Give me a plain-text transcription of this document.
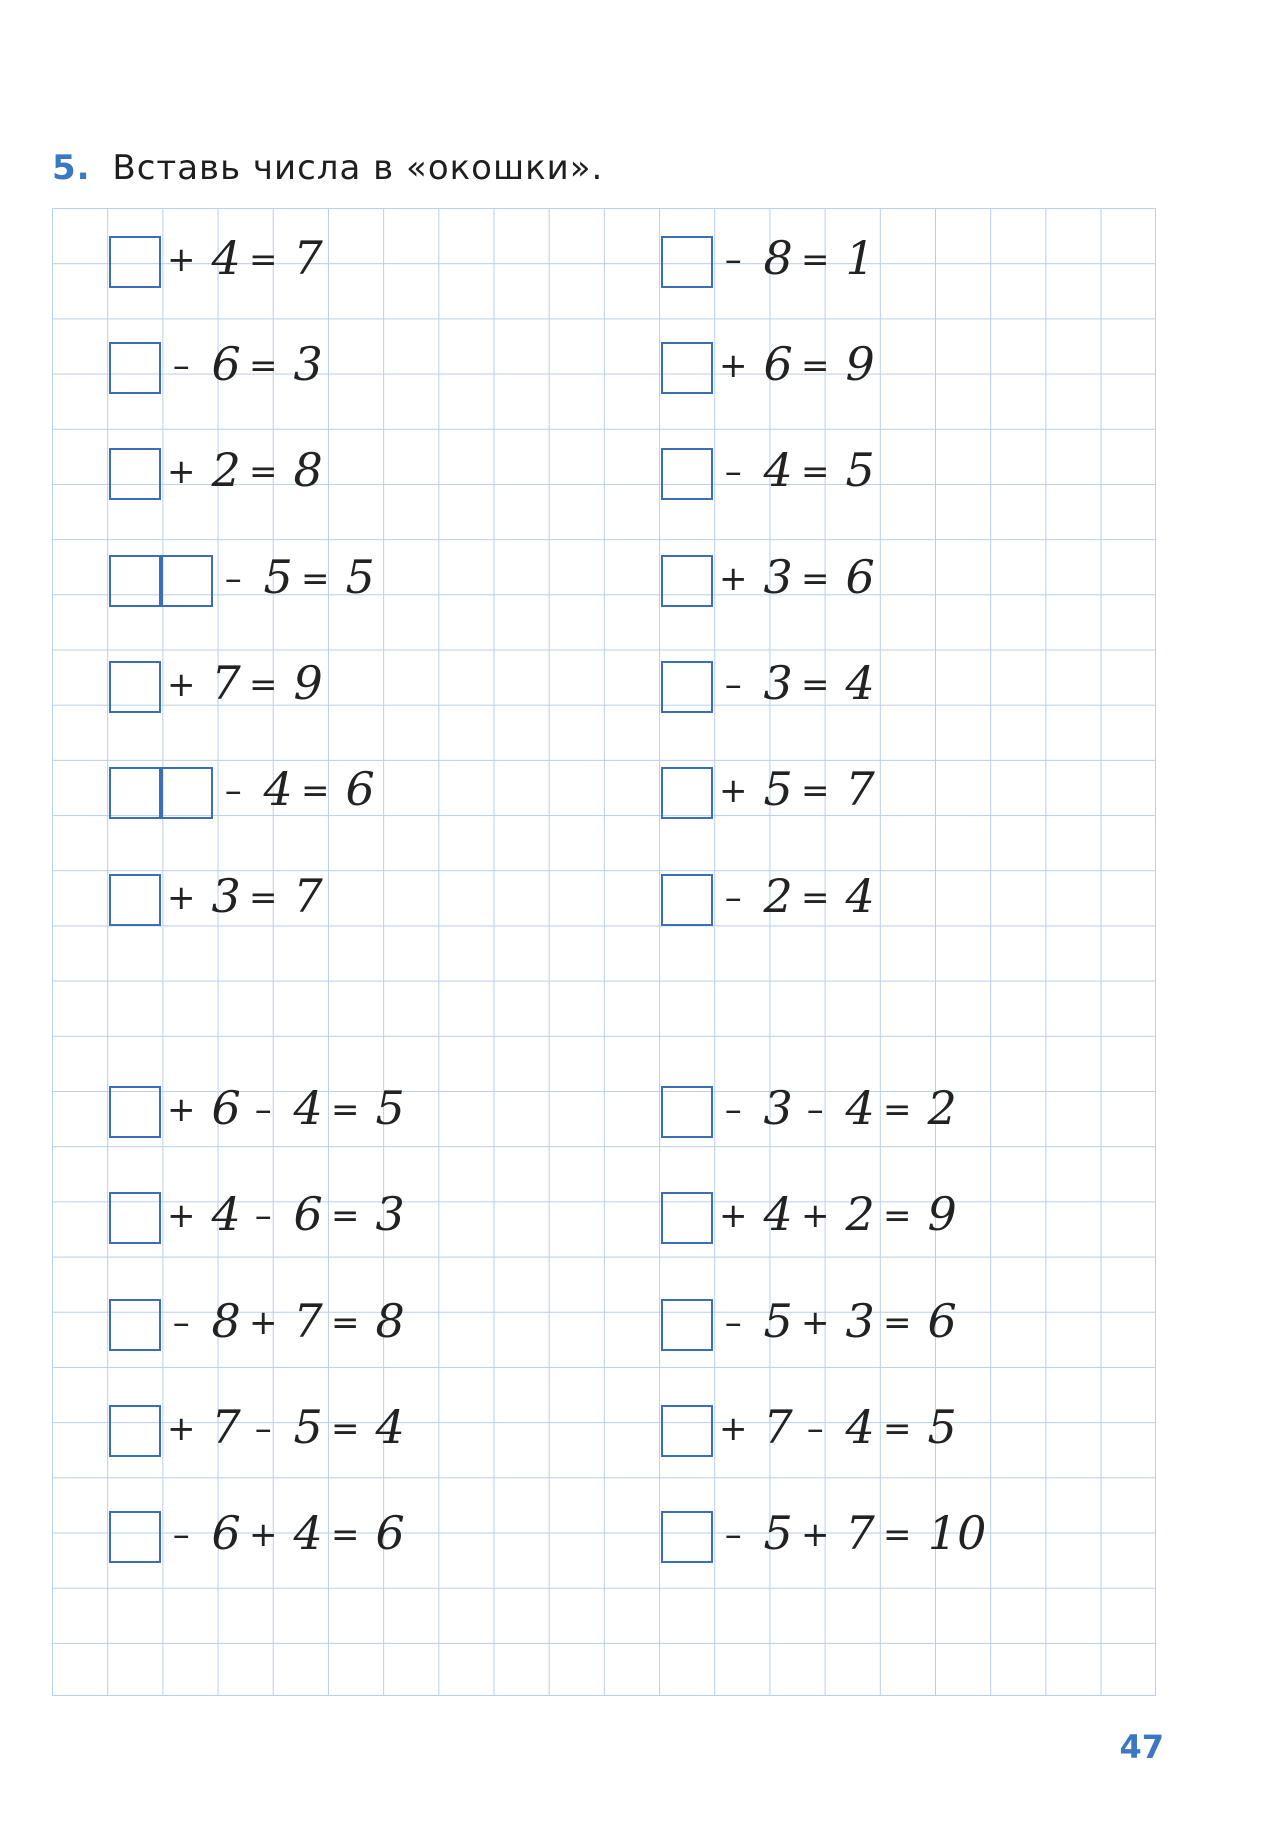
5. Вставь числа в «окошки».
+ 4 = 7
– 6 = 3
+ 2 = 8
– 5 = 5
+ 7 = 9
– 4 = 6
+ 3 = 7
+ 6 – 4 = 5
+ 4 – 6 = 3
– 8 + 7 = 8
+ 7 – 5 = 4
– 6 + 4 = 6
– 8 = 1
+ 6 = 9
– 4 = 5
+ 3 = 6
– 3 = 4
+ 5 = 7
– 2 = 4
– 3 – 4 = 2
+ 4 + 2 = 9
– 5 + 3 = 6
+ 7 – 4 = 5
– 5 + 7 = 10
47
